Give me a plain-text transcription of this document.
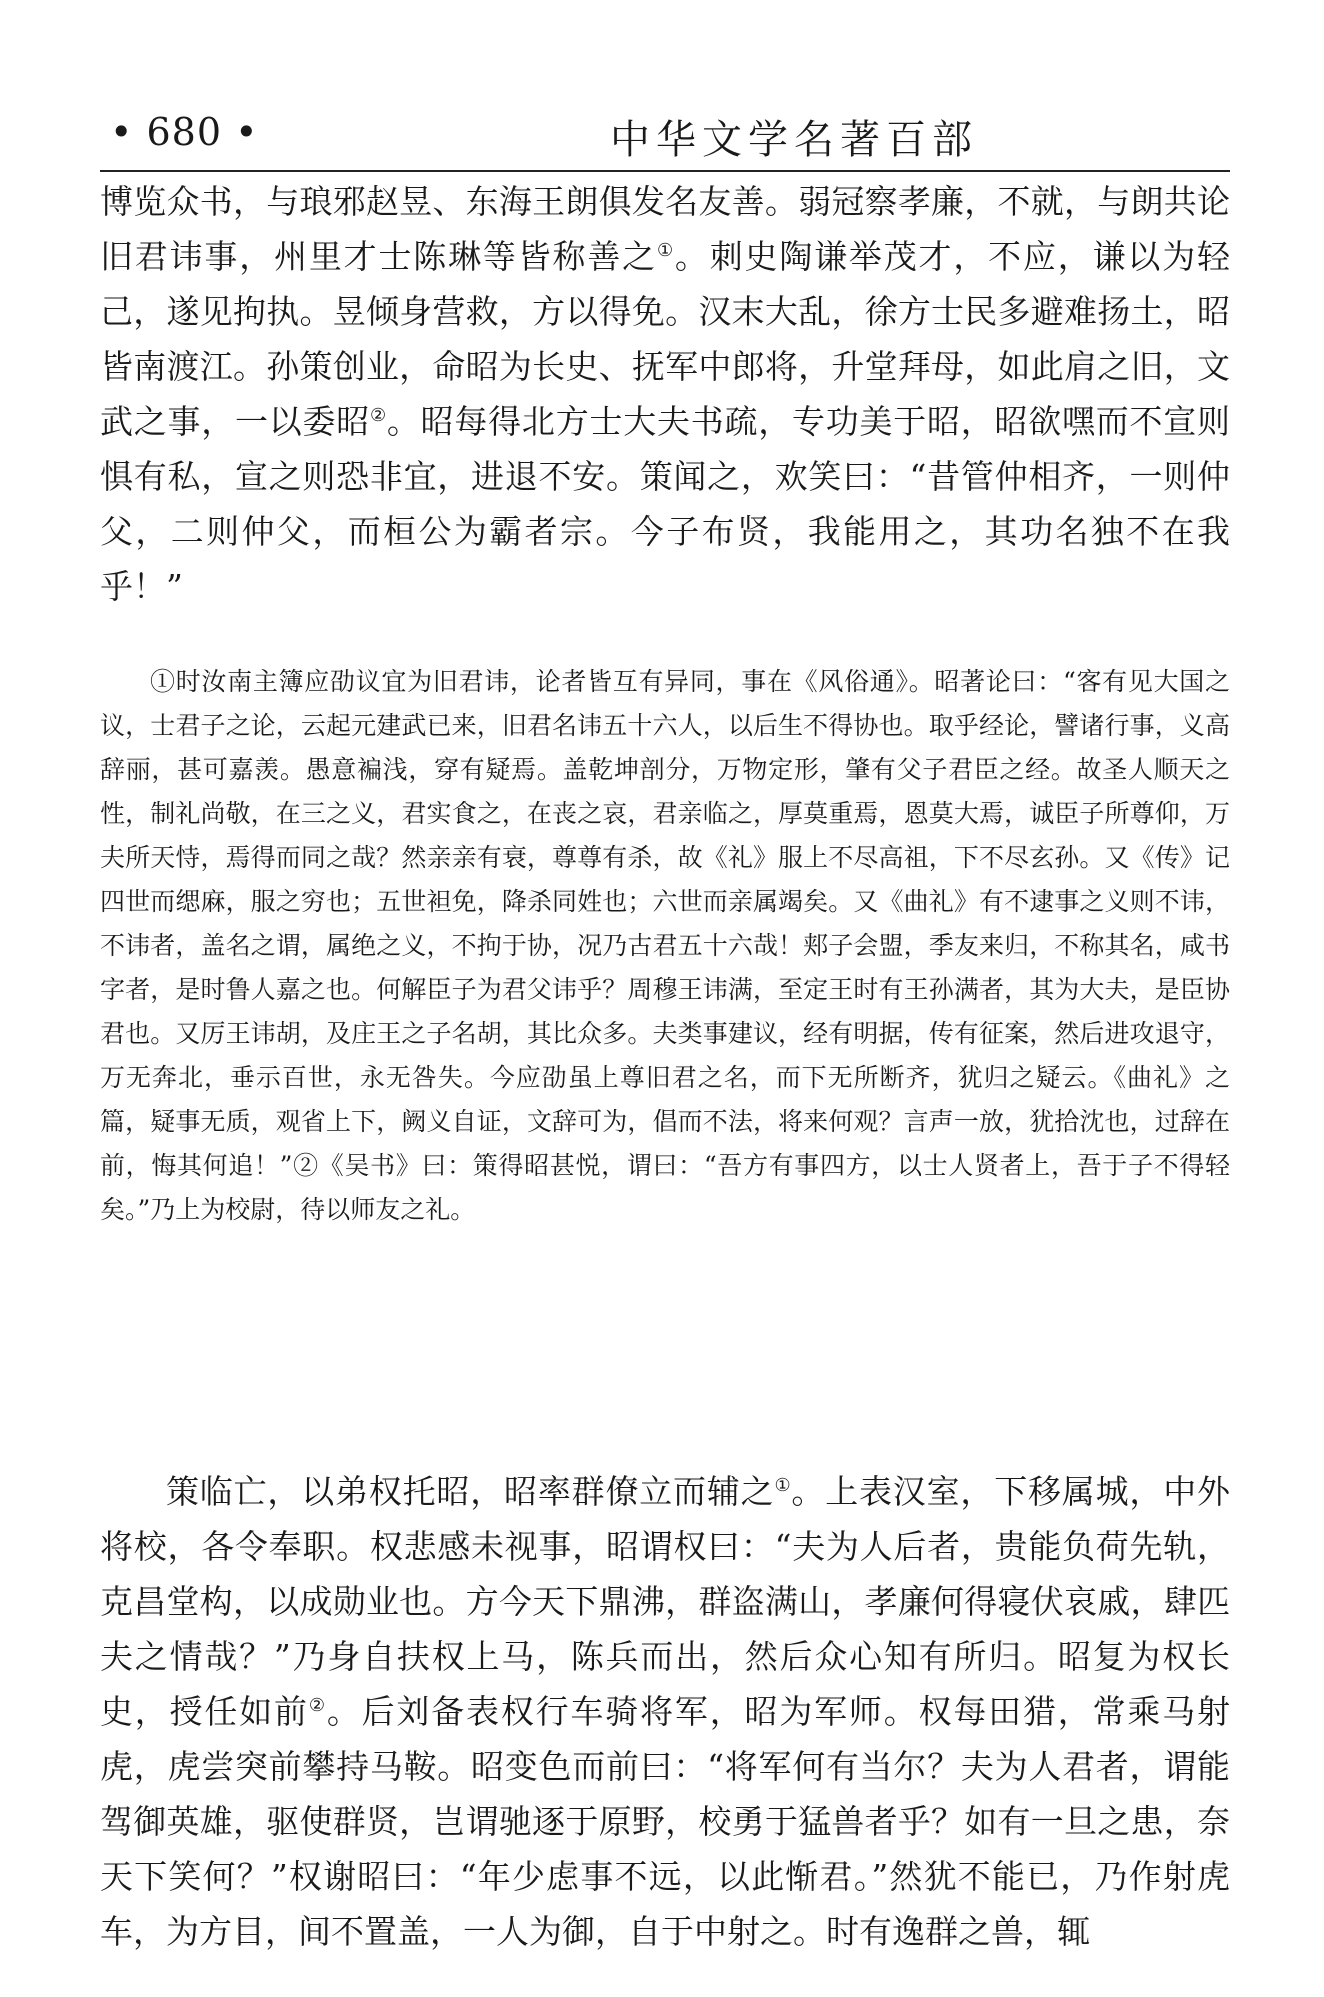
• 680 •	中华文学名著百部

博览众书，与琅邪赵昱、东海王朗俱发名友善。弱冠察孝廉，不就，与朗共论旧君讳事，州里才士陈琳等皆称善之①。刺史陶谦举茂才，不应，谦以为轻己，遂见拘执。昱倾身营救，方以得免。汉末大乱，徐方士民多避难扬土，昭皆南渡江。孙策创业，命昭为长史、抚军中郎将，升堂拜母，如此肩之旧，文武之事，一以委昭②。昭每得北方士大夫书疏，专功美于昭，昭欲嘿而不宣则惧有私，宣之则恐非宜，进退不安。策闻之，欢笑曰：“昔管仲相齐，一则仲父，二则仲父，而桓公为霸者宗。今子布贤，我能用之，其功名独不在我乎！”

①时汝南主簿应劭议宜为旧君讳，论者皆互有异同，事在《风俗通》。昭著论曰：“客有见大国之议，士君子之论，云起元建武已来，旧君名讳五十六人，以后生不得协也。取乎经论，譬诸行事，义高辞丽，甚可嘉羡。愚意褊浅，穿有疑焉。盖乾坤剖分，万物定形，肇有父子君臣之经。故圣人顺天之性，制礼尚敬，在三之义，君实食之，在丧之哀，君亲临之，厚莫重焉，恩莫大焉，诚臣子所尊仰，万夫所天恃，焉得而同之哉？然亲亲有衰，尊尊有杀，故《礼》服上不尽高祖，下不尽玄孙。又《传》记四世而缌麻，服之穷也；五世袒免，降杀同姓也；六世而亲属竭矣。又《曲礼》有不逮事之义则不讳，不讳者，盖名之谓，属绝之义，不拘于协，况乃古君五十六哉！郏子会盟，季友来归，不称其名，咸书字者，是时鲁人嘉之也。何解臣子为君父讳乎？周穆王讳满，至定王时有王孙满者，其为大夫，是臣协君也。又厉王讳胡，及庄王之子名胡，其比众多。夫类事建议，经有明据，传有征案，然后进攻退守，万无奔北，垂示百世，永无咎失。今应劭虽上尊旧君之名，而下无所断齐，犹归之疑云。《曲礼》之篇，疑事无质，观省上下，阙义自证，文辞可为，倡而不法，将来何观？言声一放，犹拾沈也，过辞在前，悔其何追！”②《吴书》曰：策得昭甚悦，谓曰：“吾方有事四方，以士人贤者上，吾于子不得轻矣。”乃上为校尉，待以师友之礼。

策临亡，以弟权托昭，昭率群僚立而辅之①。上表汉室，下移属城，中外将校，各令奉职。权悲感未视事，昭谓权曰：“夫为人后者，贵能负荷先轨，克昌堂构，以成勋业也。方今天下鼎沸，群盗满山，孝廉何得寝伏哀戚，肆匹夫之情哉？”乃身自扶权上马，陈兵而出，然后众心知有所归。昭复为权长史，授任如前②。后刘备表权行车骑将军，昭为军师。权每田猎，常乘马射虎，虎尝突前攀持马鞍。昭变色而前曰：“将军何有当尔？夫为人君者，谓能驾御英雄，驱使群贤，岂谓驰逐于原野，校勇于猛兽者乎？如有一旦之患，奈天下笑何？”权谢昭曰：“年少虑事不远，以此惭君。”然犹不能已，乃作射虎车，为方目，间不置盖，一人为御，自于中射之。时有逸群之兽，辄
